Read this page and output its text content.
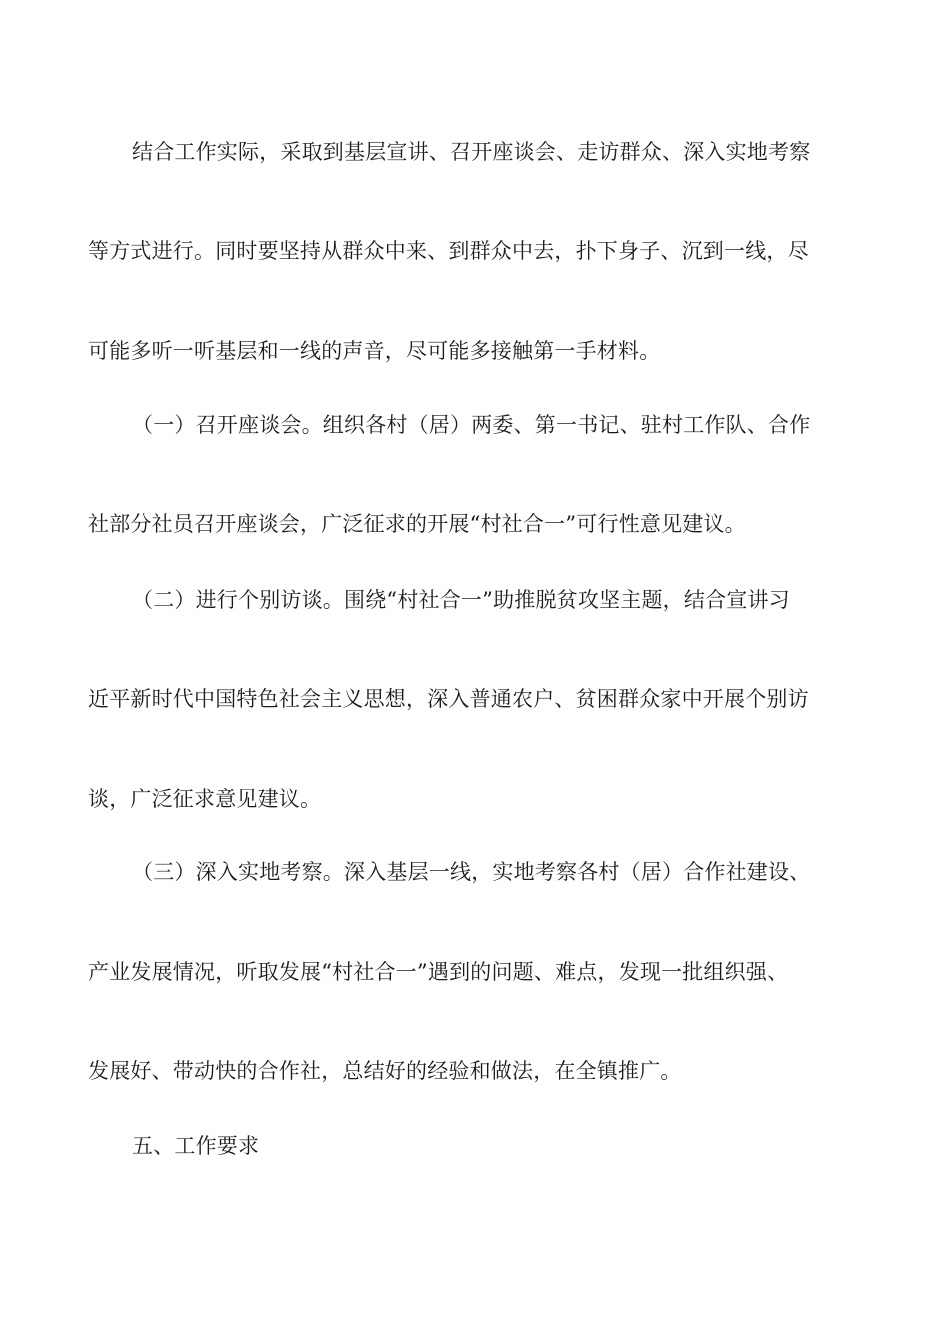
结合工作实际，采取到基层宣讲、召开座谈会、走访群众、深入实地考察
等方式进行。同时要坚持从群众中来、到群众中去，扑下身子、沉到一线，尽
可能多听一听基层和一线的声音，尽可能多接触第一手材料。
（一）召开座谈会。组织各村（居）两委、第一书记、驻村工作队、合作
社部分社员召开座谈会，广泛征求的开展“村社合一”可行性意见建议。
（二）进行个别访谈。围绕“村社合一”助推脱贫攻坚主题，结合宣讲习
近平新时代中国特色社会主义思想，深入普通农户、贫困群众家中开展个别访
谈，广泛征求意见建议。
（三）深入实地考察。深入基层一线，实地考察各村（居）合作社建设、
产业发展情况，听取发展“村社合一”遇到的问题、难点，发现一批组织强、
发展好、带动快的合作社，总结好的经验和做法，在全镇推广。
五、工作要求
